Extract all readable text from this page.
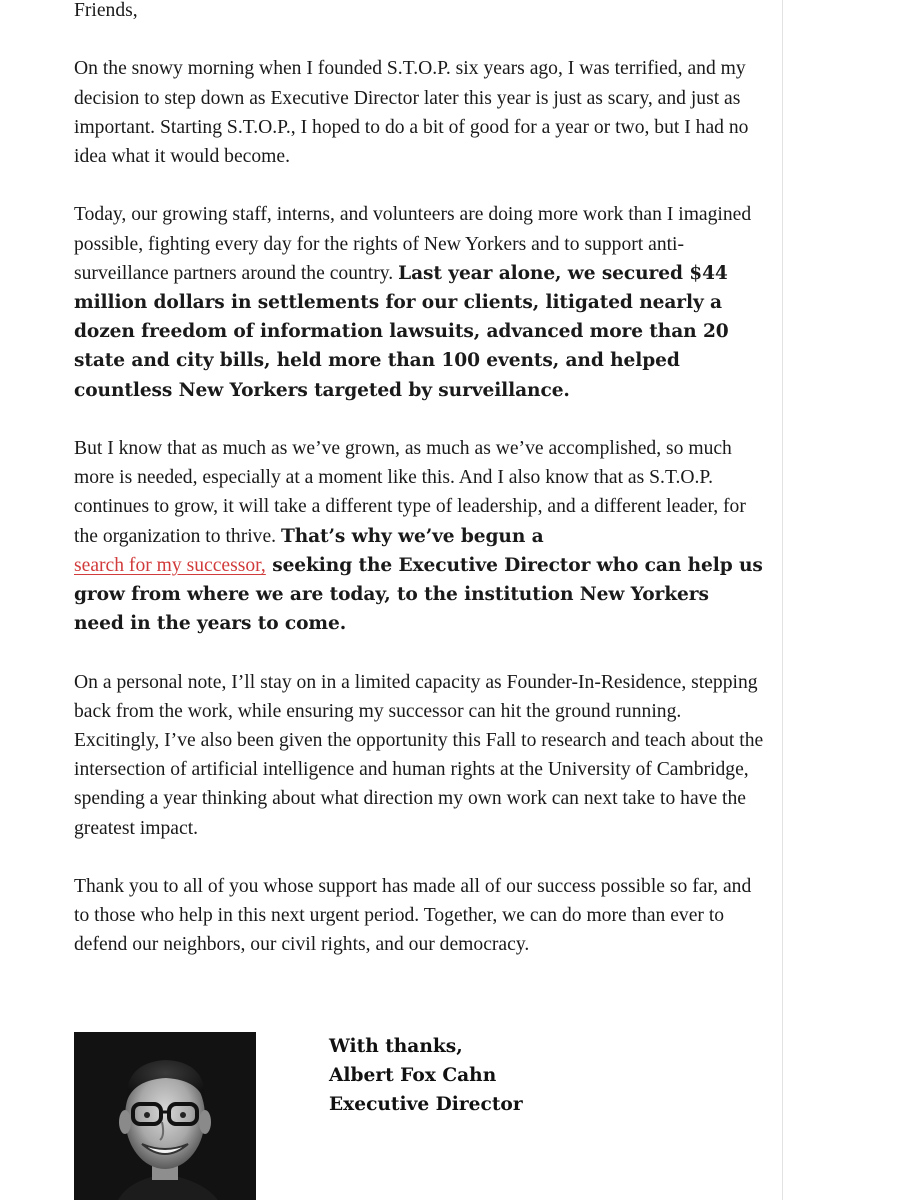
Friends,

On the snowy morning when I founded S.T.O.P. six years ago, I was terrified, and my decision to step down as Executive Director later this year is just as scary, and just as important. Starting S.T.O.P., I hoped to do a bit of good for a year or two, but I had no idea what it would become.

Today, our growing staff, interns, and volunteers are doing more work than I imagined possible, fighting every day for the rights of New Yorkers and to support anti-surveillance partners around the country. Last year alone, we secured $44 million dollars in settlements for our clients, litigated nearly a dozen freedom of information lawsuits, advanced more than 20 state and city bills, held more than 100 events, and helped countless New Yorkers targeted by surveillance.

But I know that as much as we’ve grown, as much as we’ve accomplished, so much more is needed, especially at a moment like this. And I also know that as S.T.O.P. continues to grow, it will take a different type of leadership, and a different leader, for the organization to thrive. That’s why we’ve begun a
search for my successor, seeking the Executive Director who can help us grow from where we are today, to the institution New Yorkers need in the years to come.

On a personal note, I’ll stay on in a limited capacity as Founder-In-Residence, stepping back from the work, while ensuring my successor can hit the ground running. Excitingly, I’ve also been given the opportunity this Fall to research and teach about the intersection of artificial intelligence and human rights at the University of Cambridge, spending a year thinking about what direction my own work can next take to have the greatest impact.

Thank you to all of you whose support has made all of our success possible so far, and to those who help in this next urgent period. Together, we can do more than ever to defend our neighbors, our civil rights, and our democracy.

With thanks,
Albert Fox Cahn
Executive Director
